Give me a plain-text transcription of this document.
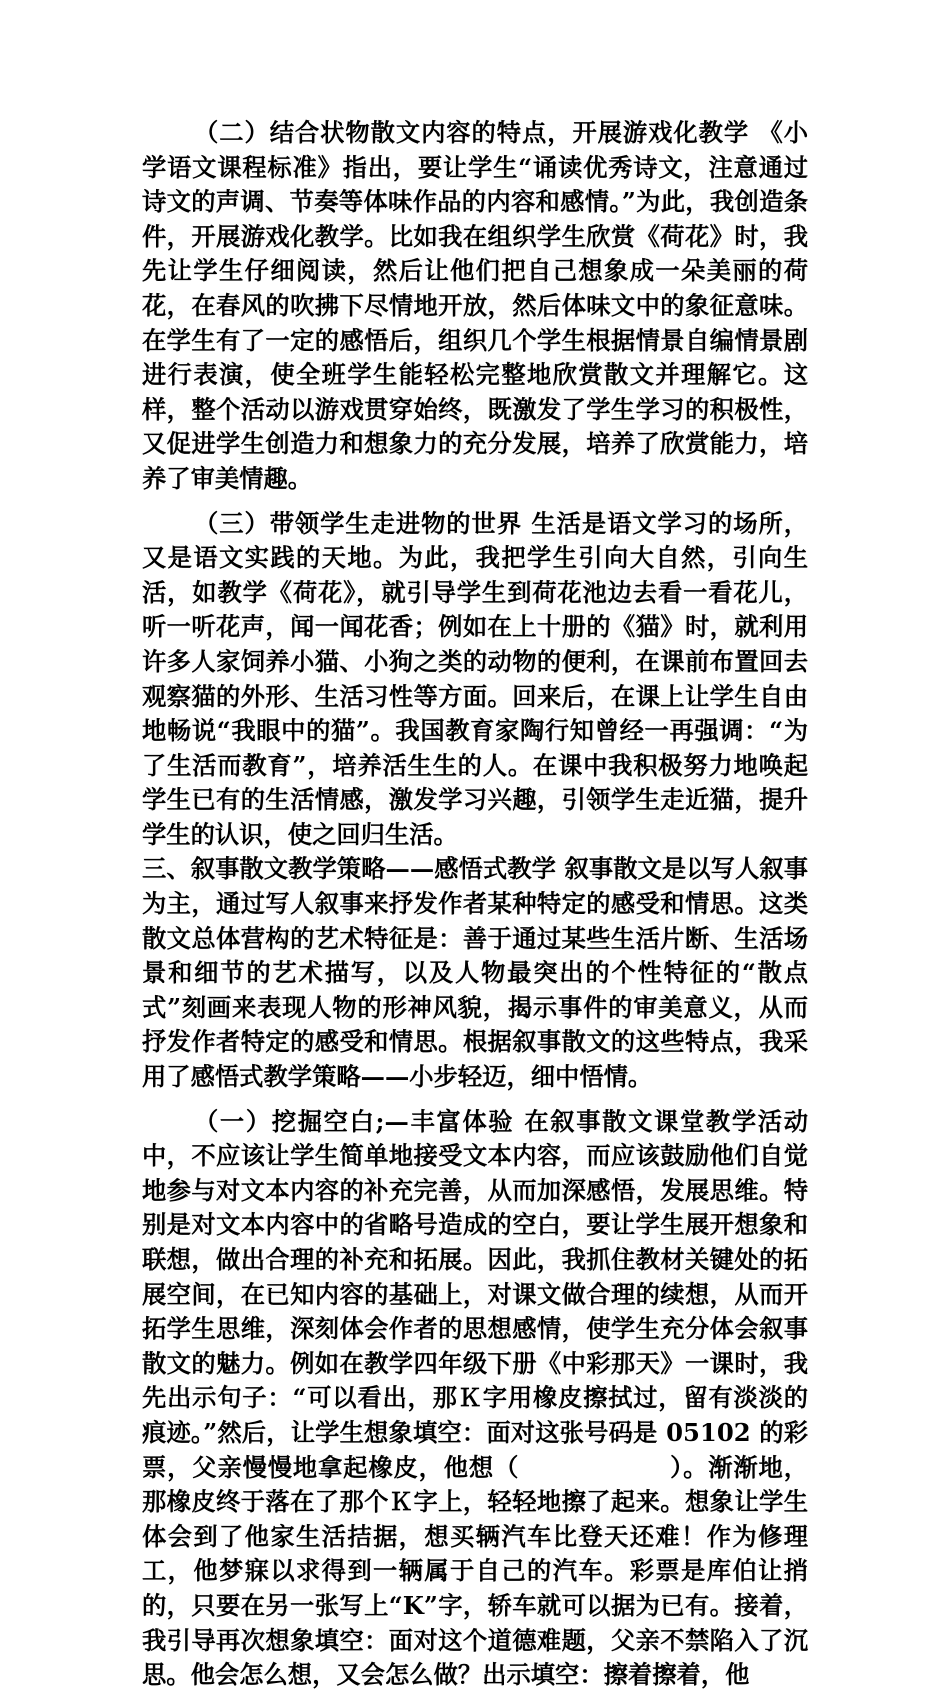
（二）结合状物散文内容的特点，开展游戏化教学 《小学语文课程标准》指出，要让学生“诵读优秀诗文，注意通过诗文的声调、节奏等体味作品的内容和感情。”为此，我创造条件，开展游戏化教学。比如我在组织学生欣赏《荷花》时，我先让学生仔细阅读，然后让他们把自己想象成一朵美丽的荷花，在春风的吹拂下尽情地开放，然后体味文中的象征意味。在学生有了一定的感悟后，组织几个学生根据情景自编情景剧进行表演，使全班学生能轻松完整地欣赏散文并理解它。这样，整个活动以游戏贯穿始终，既激发了学生学习的积极性，又促进学生创造力和想象力的充分发展，培养了欣赏能力，培养了审美情趣。

（三）带领学生走进物的世界 生活是语文学习的场所，又是语文实践的天地。为此，我把学生引向大自然，引向生活，如教学《荷花》，就引导学生到荷花池边去看一看花儿，听一听花声，闻一闻花香；例如在上十册的《猫》时，就利用许多人家饲养小猫、小狗之类的动物的便利，在课前布置回去观察猫的外形、生活习性等方面。回来后，在课上让学生自由地畅说“我眼中的猫”。我国教育家陶行知曾经一再强调：“为了生活而教育”，培养活生生的人。在课中我积极努力地唤起学生已有的生活情感，激发学习兴趣，引领学生走近猫，提升学生的认识，使之回归生活。

三、叙事散文教学策略——感悟式教学 叙事散文是以写人叙事为主，通过写人叙事来抒发作者某种特定的感受和情思。这类散文总体营构的艺术特征是：善于通过某些生活片断、生活场景和细节的艺术描写，以及人物最突出的个性特征的“散点式”刻画来表现人物的形神风貌，揭示事件的审美意义，从而抒发作者特定的感受和情思。根据叙事散文的这些特点，我采用了感悟式教学策略——小步轻迈，细中悟情。

（一）挖掘空白;—丰富体验 在叙事散文课堂教学活动中，不应该让学生简单地接受文本内容，而应该鼓励他们自觉地参与对文本内容的补充完善，从而加深感悟，发展思维。特别是对文本内容中的省略号造成的空白，要让学生展开想象和联想，做出合理的补充和拓展。因此，我抓住教材关键处的拓展空间，在已知内容的基础上，对课文做合理的续想，从而开拓学生思维，深刻体会作者的思想感情，使学生充分体会叙事散文的魅力。例如在教学四年级下册《中彩那天》一课时，我先出示句子：“可以看出，那Ｋ字用橡皮擦拭过，留有淡淡的痕迹。”然后，让学生想象填空：面对这张号码是 05102 的彩票，父亲慢慢地拿起橡皮，他想（　　　　　　）。渐渐地，那橡皮终于落在了那个Ｋ字上，轻轻地擦了起来。想象让学生体会到了他家生活拮据，想买辆汽车比登天还难！作为修理工，他梦寐以求得到一辆属于自己的汽车。彩票是库伯让捎的，只要在另一张写上“K”字，轿车就可以据为已有。接着，我引导再次想象填空：面对这个道德难题，父亲不禁陷入了沉思。他会怎么想，又会怎么做？出示填空：擦着擦着，他
